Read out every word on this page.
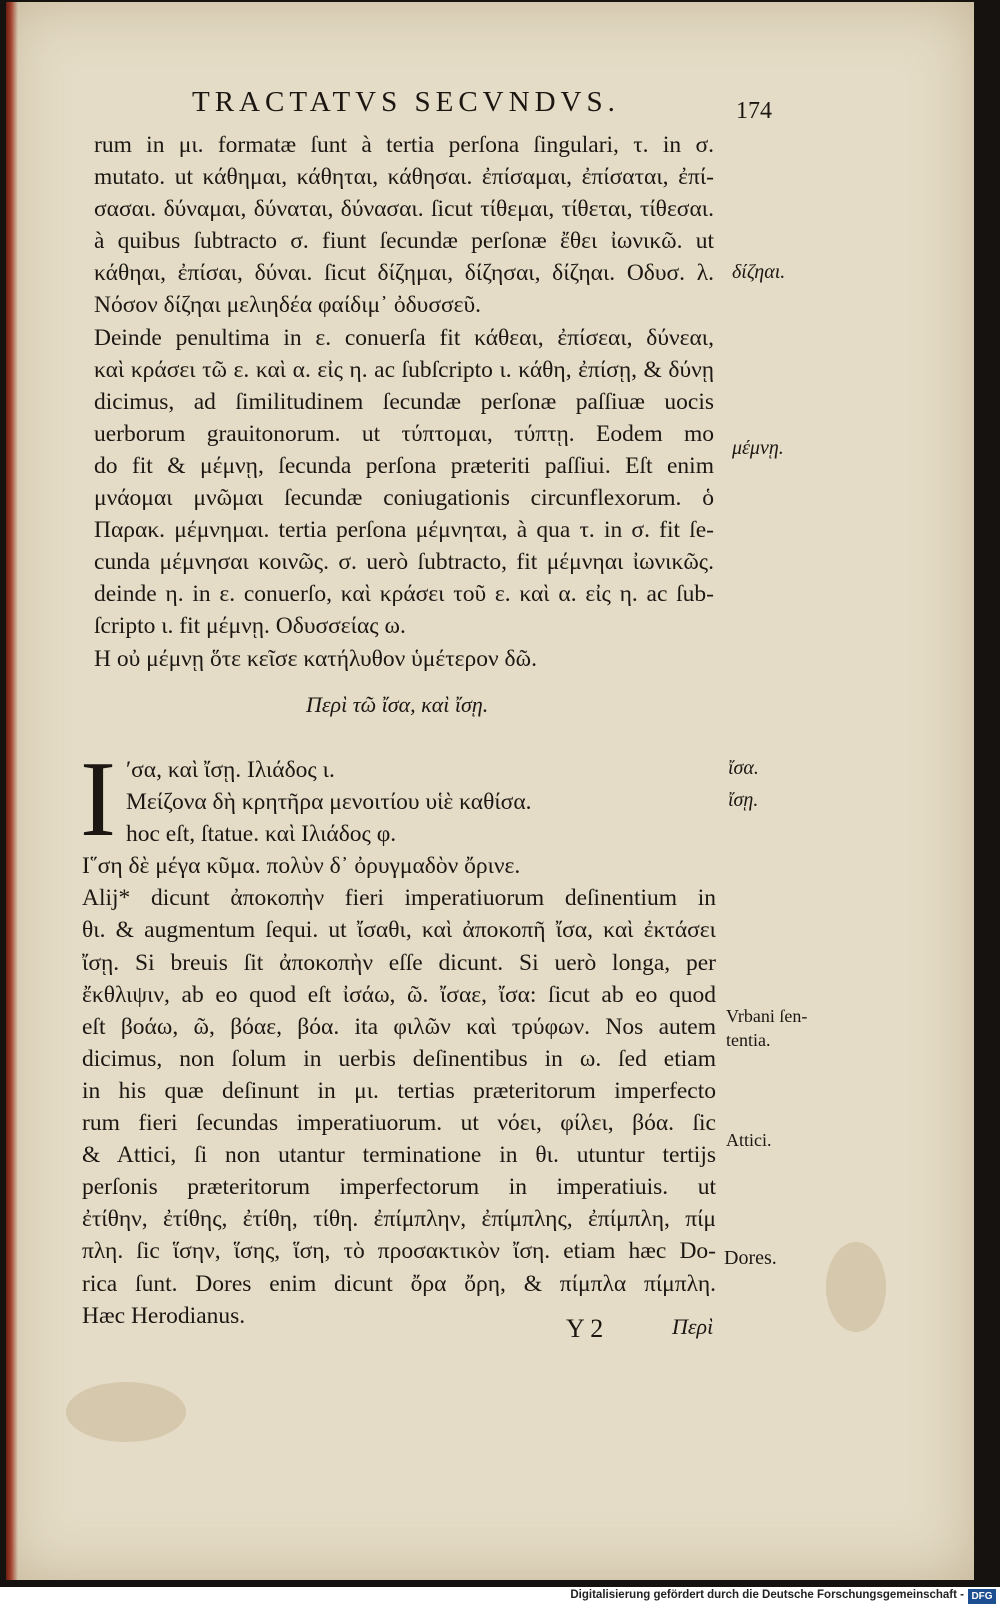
TRACTATVS SECVNDVS.	174
rum in μι. formatæ ſunt à tertia perſona ſingulari, τ. in σ.
mutato. ut κάθημαι, κάθηται, κάθησαι. ἐπίσαμαι, ἐπίσαται, ἐπί-
σασαι. δύναμαι, δύναται, δύνασαι. ſicut τίθεμαι, τίθεται, τίθεσαι.
à quibus ſubtracto σ. fiunt ſecundæ perſonæ ἔθει ἰωνικῶ. ut
κάθηαι, ἐπίσαι, δύναι. ſicut δίζημαι, δίζησαι, δίζηαι. Οδυσ. λ.
Νόσον δίζηαι μελιηδέα φαίδιμ᾿ ὀδυσσεῦ.
Deinde penultima in ε. conuerſa fit κάθεαι, ἐπίσεαι, δύνεαι,
καὶ κράσει τῶ ε. καὶ α. εἰς η. ac ſubſcripto ι. κάθη, ἐπίσῃ, & δύνῃ
dicimus, ad ſimilitudinem ſecundæ perſonæ paſſiuæ uocis
uerborum grauitonorum. ut τύπτομαι, τύπτῃ. Eodem mo
do fit & μέμνῃ, ſecunda perſona præteriti paſſiui. Eſt enim
μνάομαι μνῶμαι ſecundæ coniugationis circunflexorum. ὁ
Παρακ. μέμνημαι. tertia perſona μέμνηται, à qua τ. in σ. fit ſe-
cunda μέμνησαι κοινῶς. σ. uerò ſubtracto, fit μέμνηαι ἰωνικῶς.
deinde η. in ε. conuerſo, καὶ κράσει τοῦ ε. καὶ α. εἰς η. ac ſub-
ſcripto ι. fit μέμνῃ. Οδυσσείας ω.
Η οὐ μέμνῃ ὅτε κεῖσε κατήλυθον ὑμέτερον δῶ.
Περὶ τῶ ἴσα, καὶ ἴσῃ.
I ʹσα, καὶ ἴσῃ. Ιλιάδος ι.
Μείζονα δὴ κρητῆρα μενοιτίου υἱὲ καθίσα.
hoc eſt, ſtatue. καὶ Ιλιάδος φ.
Ι῞ση δὲ μέγα κῦμα. πολὺν δ᾿ ὀρυγμαδὸν ὄρινε.
Alij* dicunt ἀποκοπὴν fieri imperatiuorum deſinentium in
θι. & augmentum ſequi. ut ἴσαθι, καὶ ἀποκοπῆ ἴσα, καὶ ἐκτάσει
ἴσῃ. Si breuis ſit ἀποκοπὴν eſſe dicunt. Si uerò longa, per
ἔκθλιψιν, ab eo quod eſt ἰσάω, ῶ. ἴσαε, ἴσα: ſicut ab eo quod
eſt βοάω, ῶ, βόαε, βόα. ita φιλῶν καὶ τρύφων. Nos autem
dicimus, non ſolum in uerbis deſinentibus in ω. ſed etiam
in his quæ deſinunt in μι. tertias præteritorum imperfecto
rum fieri ſecundas imperatiuorum. ut νόει, φίλει, βόα. ſic
& Attici, ſi non utantur terminatione in θι. utuntur tertijs
perſonis præteritorum imperfectorum in imperatiuis. ut
ἐτίθην, ἐτίθης, ἐτίθη, τίθη. ἐπίμπλην, ἐπίμπλης, ἐπίμπλη, πίμ
πλη. ſic ἵσην, ἵσης, ἵση, τὸ προσακτικὸν ἴση. etiam hæc Do-
rica ſunt. Dores enim dicunt ὄρα ὄρη, & πίμπλα πίμπλη.
Hæc Herodianus.
δίζηαι.
μέμνῃ.
ἴσα.
ἴσῃ.
Vrbani ſen-
tentia.
Attici.
Dores.
Y 2	Περὶ
Digitalisierung gefördert durch die Deutsche Forschungsgemeinschaft - DFG
